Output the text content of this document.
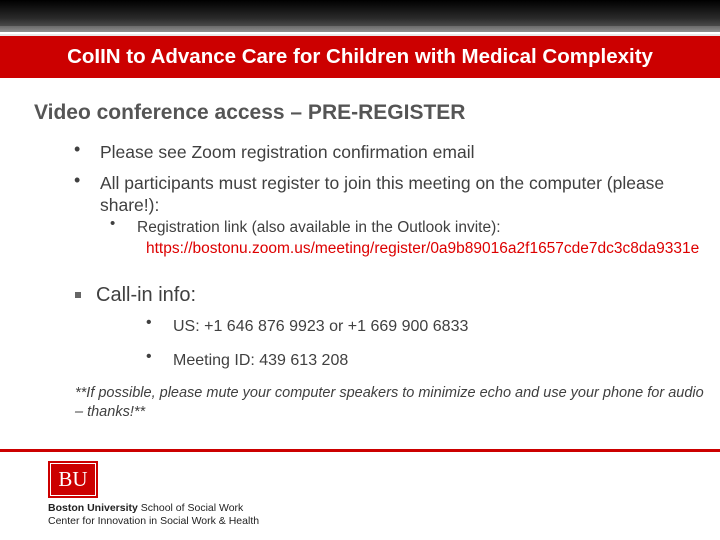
CoIIN to Advance Care for Children with Medical Complexity
Video conference access – PRE-REGISTER
• Please see Zoom registration confirmation email
• All participants must register to join this meeting on the computer (please share!):
• Registration link (also available in the Outlook invite):
https://bostonu.zoom.us/meeting/register/0a9b89016a2f1657cde7dc3c8da9331e
Call-in info:
• US: +1 646 876 9923 or +1 669 900 6833
• Meeting ID: 439 613 208
**If possible, please mute your computer speakers to minimize echo and use your phone for audio – thanks!**
BU
Boston University School of Social Work
Center for Innovation in Social Work & Health
